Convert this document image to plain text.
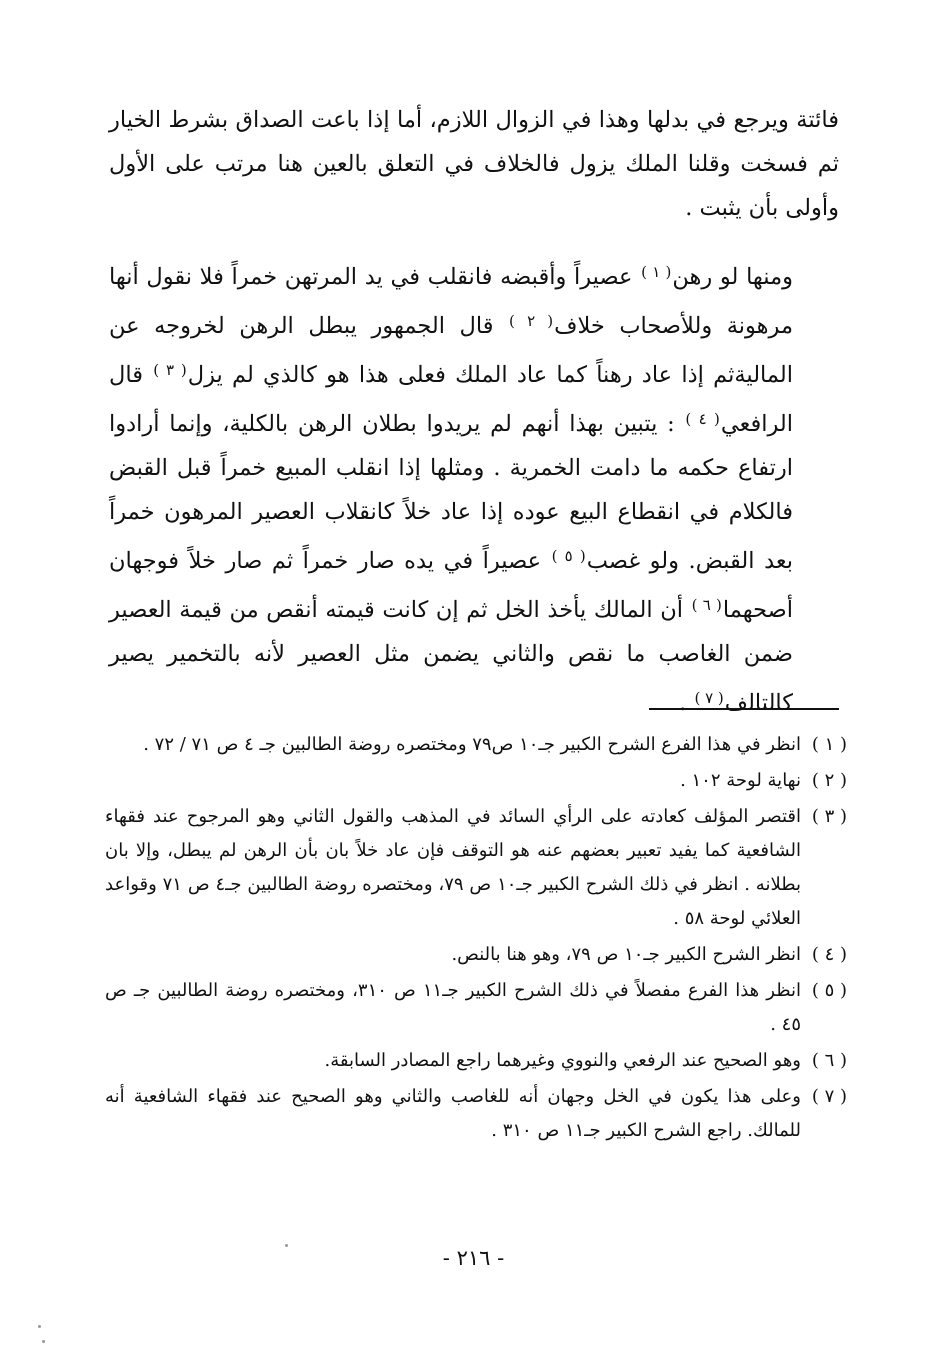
فائتة ويرجع في بدلها وهذا في الزوال اللازم، أما إذا باعت الصداق بشرط الخيار ثم فسخت وقلنا الملك يزول فالخلاف في التعلق بالعين هنا مرتب على الأول وأولى بأن يثبت .

ومنها لو رهن$^{( ١ )}$ عصيراً وأقبضه فانقلب في يد المرتهن خمراً فلا نقول أنها مرهونة وللأصحاب خلاف$^{( ٢ )}$ قال الجمهور يبطل الرهن لخروجه عن الماليةثم إذا عاد رهناً كما عاد الملك فعلى هذا هو كالذي لم يزل$^{( ٣ )}$ قال الرافعي$^{( ٤ )}$ : يتبين بهذا أنهم لم يريدوا بطلان الرهن بالكلية، وإنما أرادوا ارتفاع حكمه ما دامت الخمرية . ومثلها إذا انقلب المبيع خمراً قبل القبض فالكلام في انقطاع البيع عوده إذا عاد خلاً كانقلاب العصير المرهون خمراً بعد القبض. ولو غصب$^{( ٥ )}$ عصيراً في يده صار خمراً ثم صار خلاً فوجهان أصحهما$^{( ٦ )}$ أن المالك يأخذ الخل ثم إن كانت قيمته أنقص من قيمة العصير ضمن الغاصب ما نقص والثاني يضمن مثل العصير لأنه بالتخمير يصير كالتالف$^{( ٧ )}$ .

( ١ )
انظر في هذا الفرع الشرح الكبير جـ١٠ ص٧٩ ومختصره روضة الطالبين جـ ٤ ص ٧١ / ٧٢ .
( ٢ )
نهاية لوحة ١٠٢ .
( ٣ )
اقتصر المؤلف كعادته على الرأي السائد في المذهب والقول الثاني وهو المرجوح عند فقهاء الشافعية كما يفيد تعبير بعضهم عنه هو التوقف فإن عاد خلاً بان بأن الرهن لم يبطل، وإلا بان بطلانه . انظر في ذلك الشرح الكبير جـ١٠ ص ٧٩، ومختصره روضة الطالبين جـ٤ ص ٧١ وقواعد العلائي لوحة ٥٨ .
( ٤ )
انظر الشرح الكبير جـ١٠ ص ٧٩، وهو هنا بالنص.
( ٥ )
انظر هذا الفرع مفصلاً في ذلك الشرح الكبير جـ١١ ص ٣١٠، ومختصره روضة الطالبين جـ ص ٤٥ .
( ٦ )
وهو الصحيح عند الرفعي والنووي وغيرهما راجع المصادر السابقة.
( ٧ )
وعلى هذا يكون في الخل وجهان أنه للغاصب والثاني وهو الصحيح عند فقهاء الشافعية أنه للمالك. راجع الشرح الكبير جـ١١ ص ٣١٠ .
- ٢١٦ -
